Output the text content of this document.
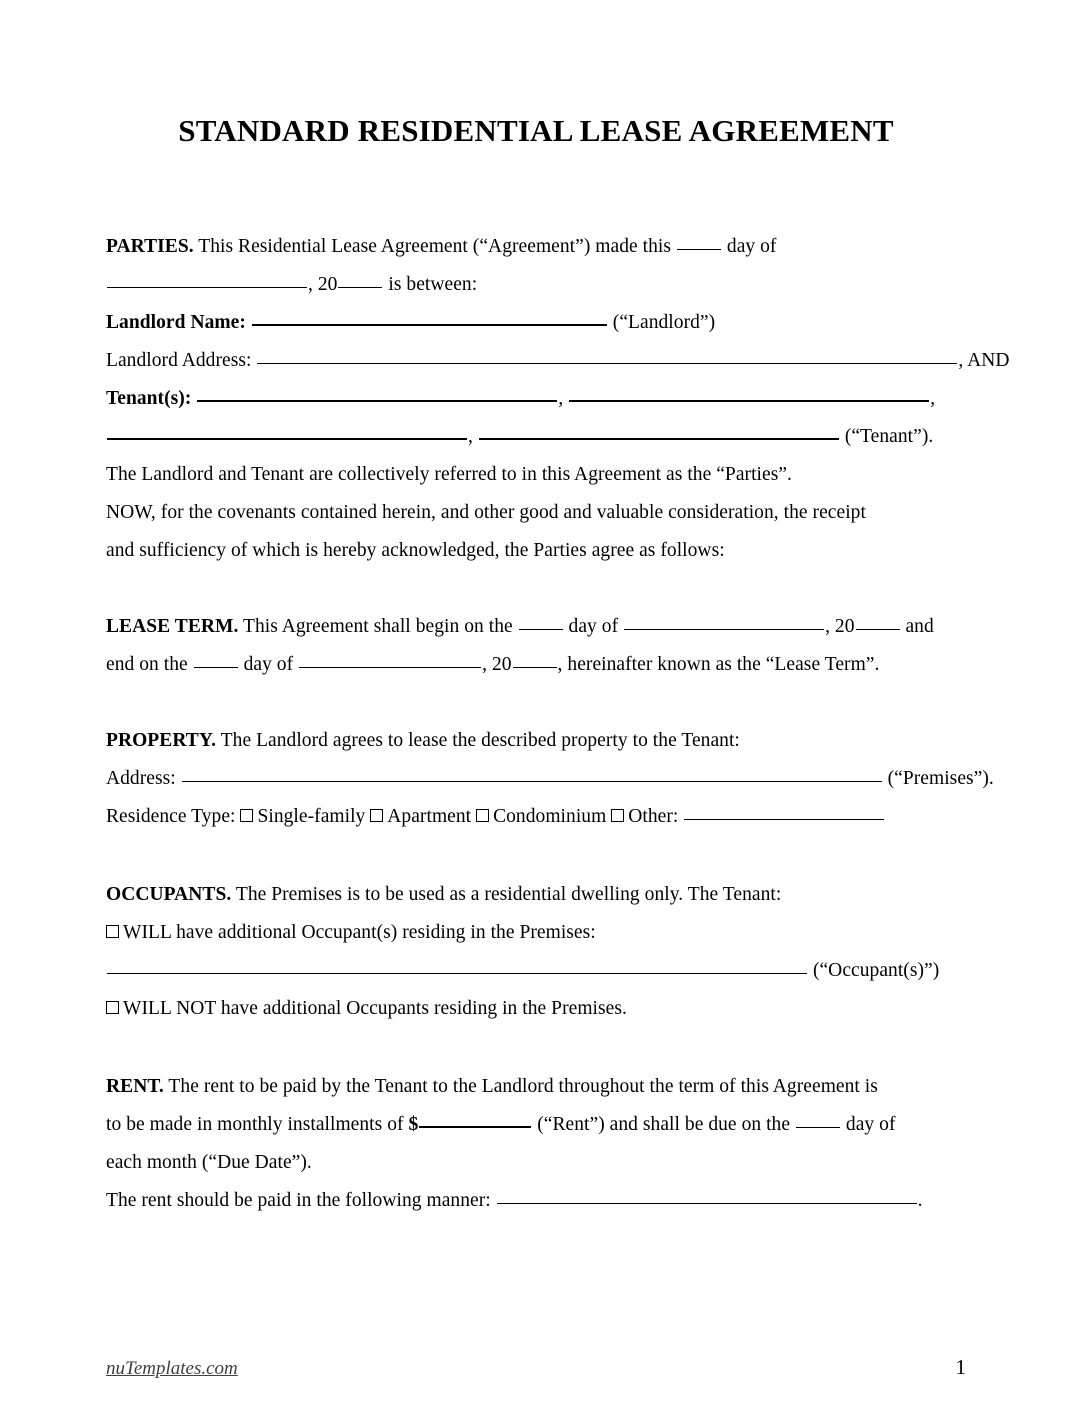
STANDARD RESIDENTIAL LEASE AGREEMENT
PARTIES. This Residential Lease Agreement (“Agreement”) made this  day of
, 20 is between:
Landlord Name:	(“Landlord”)
Landlord Address:	, AND
Tenant(s):	,	,
,	(“Tenant”).
The Landlord and Tenant are collectively referred to in this Agreement as the “Parties”.
NOW, for the covenants contained herein, and other good and valuable consideration, the receipt
and sufficiency of which is hereby acknowledged, the Parties agree as follows:
LEASE TERM. This Agreement shall begin on the  day of	, 20 and
end on the  day of	, 20 , hereinafter known as the “Lease Term”.
PROPERTY. The Landlord agrees to lease the described property to the Tenant:
Address:	(“Premises”).
Residence Type: Single-family Apartment Condominium Other:
OCCUPANTS. The Premises is to be used as a residential dwelling only. The Tenant:
WILL have additional Occupant(s) residing in the Premises:
(“Occupant(s)”)
WILL NOT have additional Occupants residing in the Premises.
RENT. The rent to be paid by the Tenant to the Landlord throughout the term of this Agreement is
to be made in monthly installments of $	(“Rent”) and shall be due on the  day of
each month (“Due Date”).
The rent should be paid in the following manner:	.
nuTemplates.com	1
